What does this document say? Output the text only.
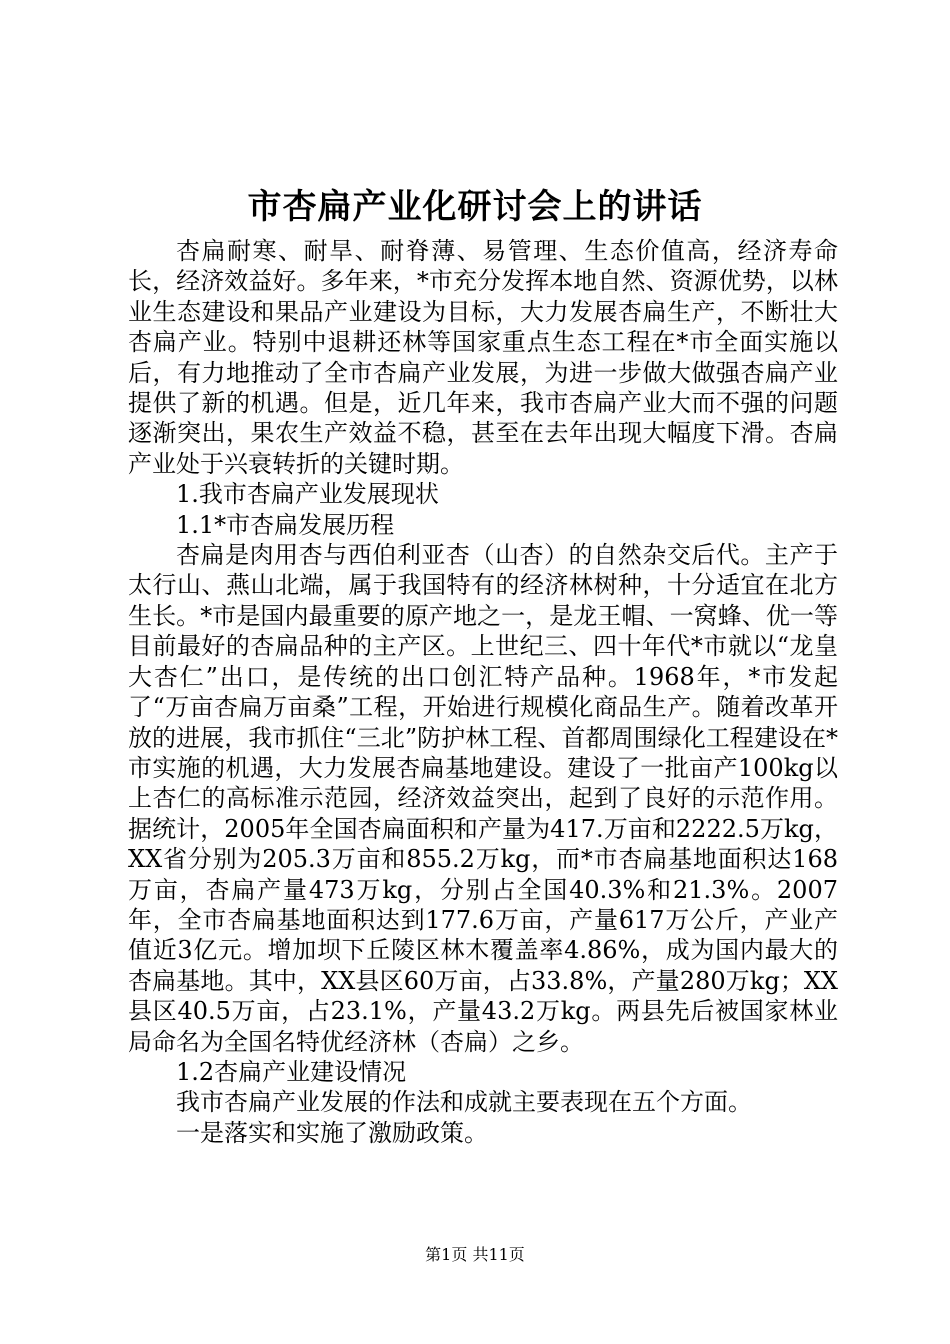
市杏扁产业化研讨会上的讲话

杏扁耐寒、耐旱、耐脊薄、易管理、生态价值高，经济寿命长，经济效益好。多年来，*市充分发挥本地自然、资源优势，以林业生态建设和果品产业建设为目标，大力发展杏扁生产，不断壮大杏扁产业。特别中退耕还林等国家重点生态工程在*市全面实施以后，有力地推动了全市杏扁产业发展，为进一步做大做强杏扁产业提供了新的机遇。但是，近几年来，我市杏扁产业大而不强的问题逐渐突出，果农生产效益不稳，甚至在去年出现大幅度下滑。杏扁产业处于兴衰转折的关键时期。

1.我市杏扁产业发展现状

1.1*市杏扁发展历程

杏扁是肉用杏与西伯利亚杏（山杏）的自然杂交后代。主产于太行山、燕山北端，属于我国特有的经济林树种，十分适宜在北方生长。*市是国内最重要的原产地之一，是龙王帽、一窝蜂、优一等目前最好的杏扁品种的主产区。上世纪三、四十年代*市就以“龙皇大杏仁”出口，是传统的出口创汇特产品种。1968年，*市发起了“万亩杏扁万亩桑”工程，开始进行规模化商品生产。随着改革开放的进展，我市抓住“三北”防护林工程、首都周围绿化工程建设在*市实施的机遇，大力发展杏扁基地建设。建设了一批亩产100kg以上杏仁的高标准示范园，经济效益突出，起到了良好的示范作用。据统计，2005年全国杏扁面积和产量为417.万亩和2222.5万kg，XX省分别为205.3万亩和855.2万kg，而*市杏扁基地面积达168万亩，杏扁产量473万kg，分别占全国40.3%和21.3%。2007年，全市杏扁基地面积达到177.6万亩，产量617万公斤，产业产值近3亿元。增加坝下丘陵区林木覆盖率4.86%，成为国内最大的杏扁基地。其中，XX县区60万亩，占33.8%，产量280万kg；XX县区40.5万亩，占23.1%，产量43.2万kg。两县先后被国家林业局命名为全国名特优经济林（杏扁）之乡。

1.2杏扁产业建设情况

我市杏扁产业发展的作法和成就主要表现在五个方面。

一是落实和实施了激励政策。

第1页 共11页
